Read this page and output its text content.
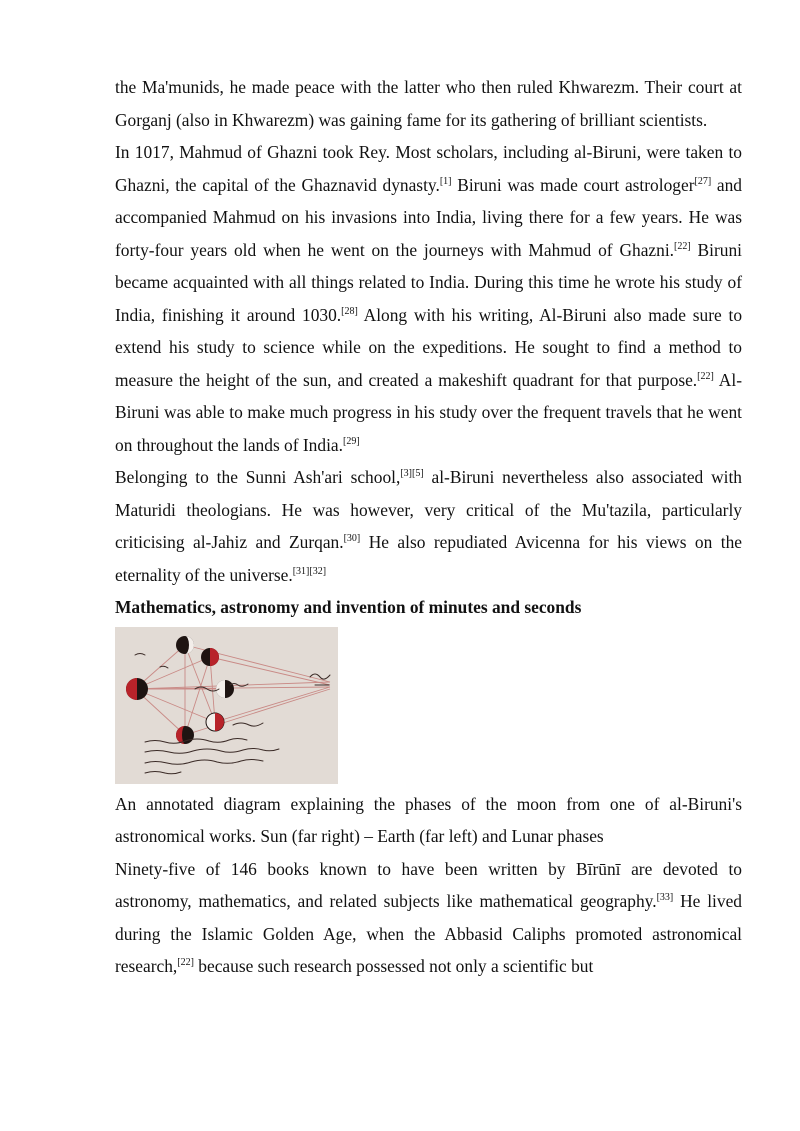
the Ma'munids, he made peace with the latter who then ruled Khwarezm. Their court at Gorganj (also in Khwarezm) was gaining fame for its gathering of brilliant scientists.

In 1017, Mahmud of Ghazni took Rey. Most scholars, including al-Biruni, were taken to Ghazni, the capital of the Ghaznavid dynasty.[1] Biruni was made court astrologer[27] and accompanied Mahmud on his invasions into India, living there for a few years. He was forty-four years old when he went on the journeys with Mahmud of Ghazni.[22] Biruni became acquainted with all things related to India. During this time he wrote his study of India, finishing it around 1030.[28] Along with his writing, Al-Biruni also made sure to extend his study to science while on the expeditions. He sought to find a method to measure the height of the sun, and created a makeshift quadrant for that purpose.[22] Al-Biruni was able to make much progress in his study over the frequent travels that he went on throughout the lands of India.[29]

Belonging to the Sunni Ash'ari school,[3][5] al-Biruni nevertheless also associated with Maturidi theologians. He was however, very critical of the Mu'tazila, particularly criticising al-Jahiz and Zurqan.[30] He also repudiated Avicenna for his views on the eternality of the universe.[31][32]

Mathematics, astronomy and invention of minutes and seconds

An annotated diagram explaining the phases of the moon from one of al-Biruni's astronomical works. Sun (far right) – Earth (far left) and Lunar phases

Ninety-five of 146 books known to have been written by Bīrūnī are devoted to astronomy, mathematics, and related subjects like mathematical geography.[33] He lived during the Islamic Golden Age, when the Abbasid Caliphs promoted astronomical research,[22] because such research possessed not only a scientific but
